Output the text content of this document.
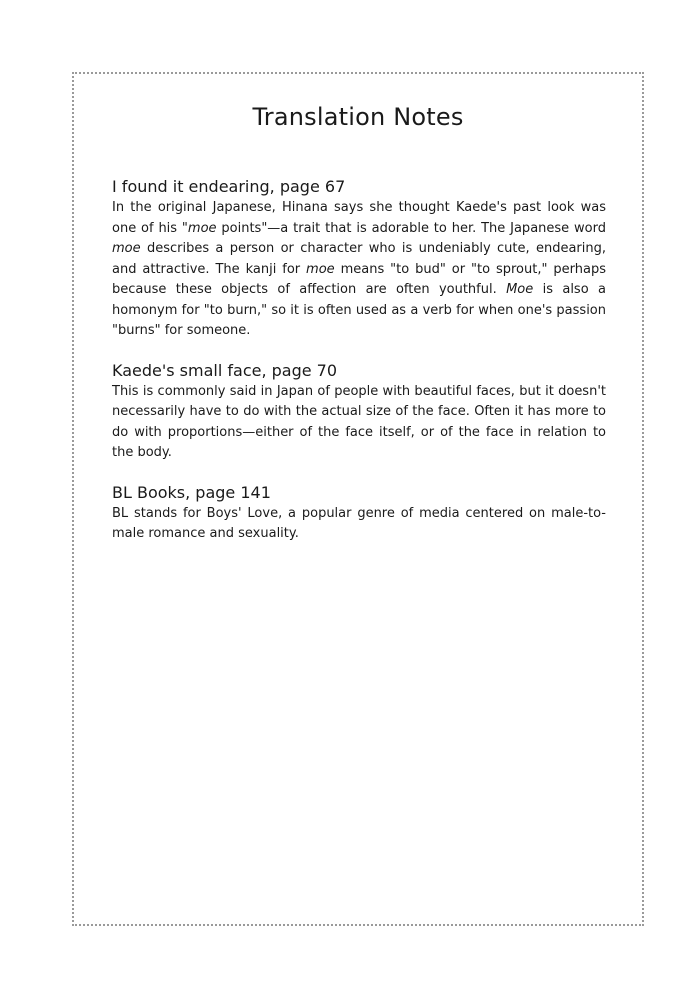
Translation Notes
I found it endearing, page 67

In the original Japanese, Hinana says she thought Kaede's past look was one of his "moe points"—a trait that is adorable to her. The Japanese word moe describes a person or character who is undeniably cute, endearing, and attractive. The kanji for moe means "to bud" or "to sprout," perhaps because these objects of affection are often youthful. Moe is also a homonym for "to burn," so it is often used as a verb for when one's passion "burns" for someone.

Kaede's small face, page 70

This is commonly said in Japan of people with beautiful faces, but it doesn't necessarily have to do with the actual size of the face. Often it has more to do with proportions—either of the face itself, or of the face in relation to the body.

BL Books, page 141

BL stands for Boys' Love, a popular genre of media centered on male-to-male romance and sexuality.
